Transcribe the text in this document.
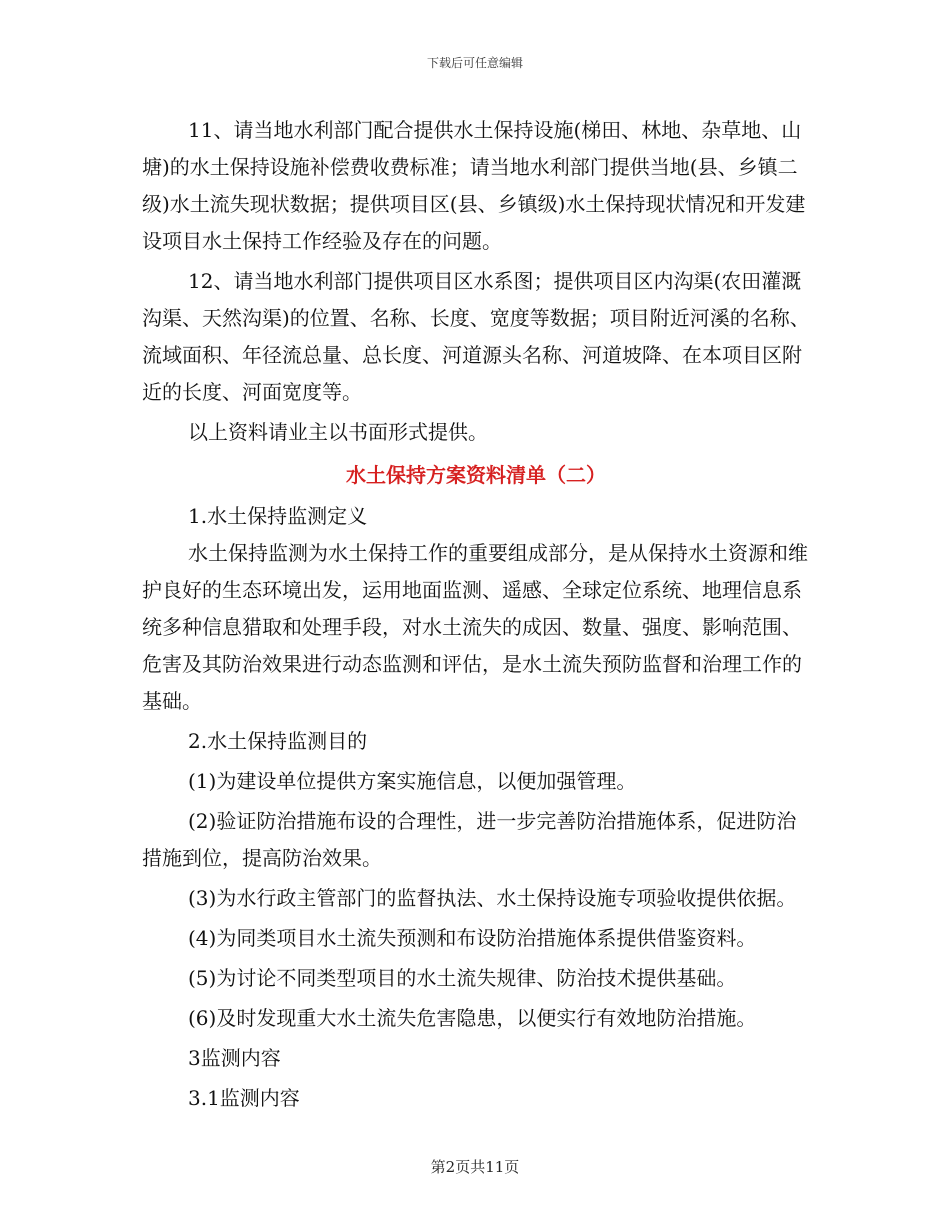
下载后可任意编辑

11、请当地水利部门配合提供水土保持设施(梯田、林地、杂草地、山塘)的水土保持设施补偿费收费标准；请当地水利部门提供当地(县、乡镇二级)水土流失现状数据；提供项目区(县、乡镇级)水土保持现状情况和开发建设项目水土保持工作经验及存在的问题。

12、请当地水利部门提供项目区水系图；提供项目区内沟渠(农田灌溉沟渠、天然沟渠)的位置、名称、长度、宽度等数据；项目附近河溪的名称、流域面积、年径流总量、总长度、河道源头名称、河道坡降、在本项目区附近的长度、河面宽度等。

以上资料请业主以书面形式提供。

水土保持方案资料清单（二）

1.水土保持监测定义

水土保持监测为水土保持工作的重要组成部分，是从保持水土资源和维护良好的生态环境出发，运用地面监测、遥感、全球定位系统、地理信息系统多种信息猎取和处理手段，对水土流失的成因、数量、强度、影响范围、危害及其防治效果进行动态监测和评估，是水土流失预防监督和治理工作的基础。

2.水土保持监测目的

(1)为建设单位提供方案实施信息，以便加强管理。

(2)验证防治措施布设的合理性，进一步完善防治措施体系，促进防治措施到位，提高防治效果。

(3)为水行政主管部门的监督执法、水土保持设施专项验收提供依据。

(4)为同类项目水土流失预测和布设防治措施体系提供借鉴资料。

(5)为讨论不同类型项目的水土流失规律、防治技术提供基础。

(6)及时发现重大水土流失危害隐患，以便实行有效地防治措施。

3监测内容

3.1监测内容

第2页共11页
